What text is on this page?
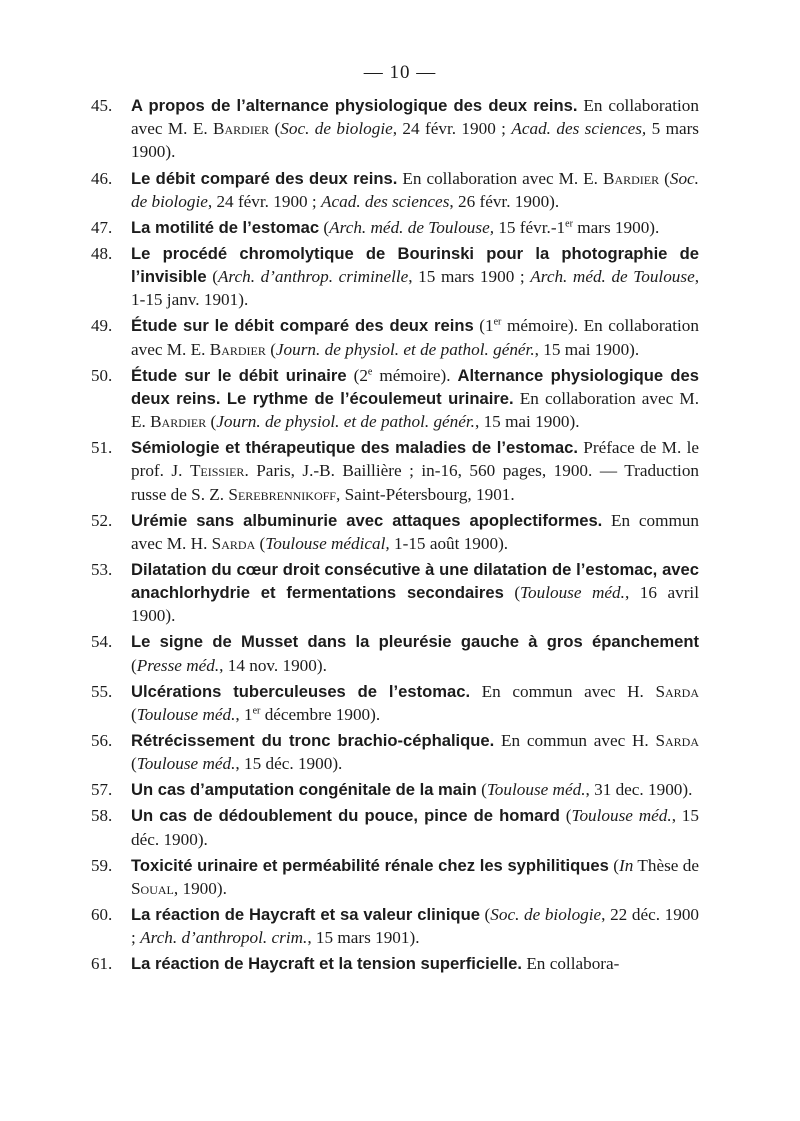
— 10 —
45. A propos de l’alternance physiologique des deux reins. En collaboration avec M. E. Bardier (Soc. de biologie, 24 févr. 1900 ; Acad. des sciences, 5 mars 1900).
46. Le débit comparé des deux reins. En collaboration avec M. E. Bardier (Soc. de biologie, 24 févr. 1900 ; Acad. des sciences, 26 févr. 1900).
47. La motilité de l’estomac (Arch. méd. de Toulouse, 15 févr.-1er mars 1900).
48. Le procédé chromolytique de Bourinski pour la photographie de l’invisible (Arch. d’anthrop. criminelle, 15 mars 1900 ; Arch. méd. de Toulouse, 1-15 janv. 1901).
49. Étude sur le débit comparé des deux reins (1er mémoire). En collaboration avec M. E. Bardier (Journ. de physiol. et de pathol. génér., 15 mai 1900).
50. Étude sur le débit urinaire (2e mémoire). Alternance physiologique des deux reins. Le rythme de l’écoulemeut urinaire. En collaboration avec M. E. Bardier (Journ. de physiol. et de pathol. génér., 15 mai 1900).
51. Sémiologie et thérapeutique des maladies de l’estomac. Préface de M. le prof. J. Teissier. Paris, J.-B. Baillière ; in-16, 560 pages, 1900. — Traduction russe de S. Z. Serebrennikoff, Saint-Pétersbourg, 1901.
52. Urémie sans albuminurie avec attaques apoplectiformes. En commun avec M. H. Sarda (Toulouse médical, 1-15 août 1900).
53. Dilatation du cœur droit consécutive à une dilatation de l’estomac, avec anachlorhydrie et fermentations secondaires (Toulouse méd., 16 avril 1900).
54. Le signe de Musset dans la pleurésie gauche à gros épanchement (Presse méd., 14 nov. 1900).
55. Ulcérations tuberculeuses de l’estomac. En commun avec H. Sarda (Toulouse méd., 1er décembre 1900).
56. Rétrécissement du tronc brachio-céphalique. En commun avec H. Sarda (Toulouse méd., 15 déc. 1900).
57. Un cas d’amputation congénitale de la main (Toulouse méd., 31 dec. 1900).
58. Un cas de dédoublement du pouce, pince de homard (Toulouse méd., 15 déc. 1900).
59. Toxicité urinaire et perméabilité rénale chez les syphilitiques (In Thèse de Soual, 1900).
60. La réaction de Haycraft et sa valeur clinique (Soc. de biologie, 22 déc. 1900 ; Arch. d’anthropol. crim., 15 mars 1901).
61. La réaction de Haycraft et la tension superficielle. En collabora-
